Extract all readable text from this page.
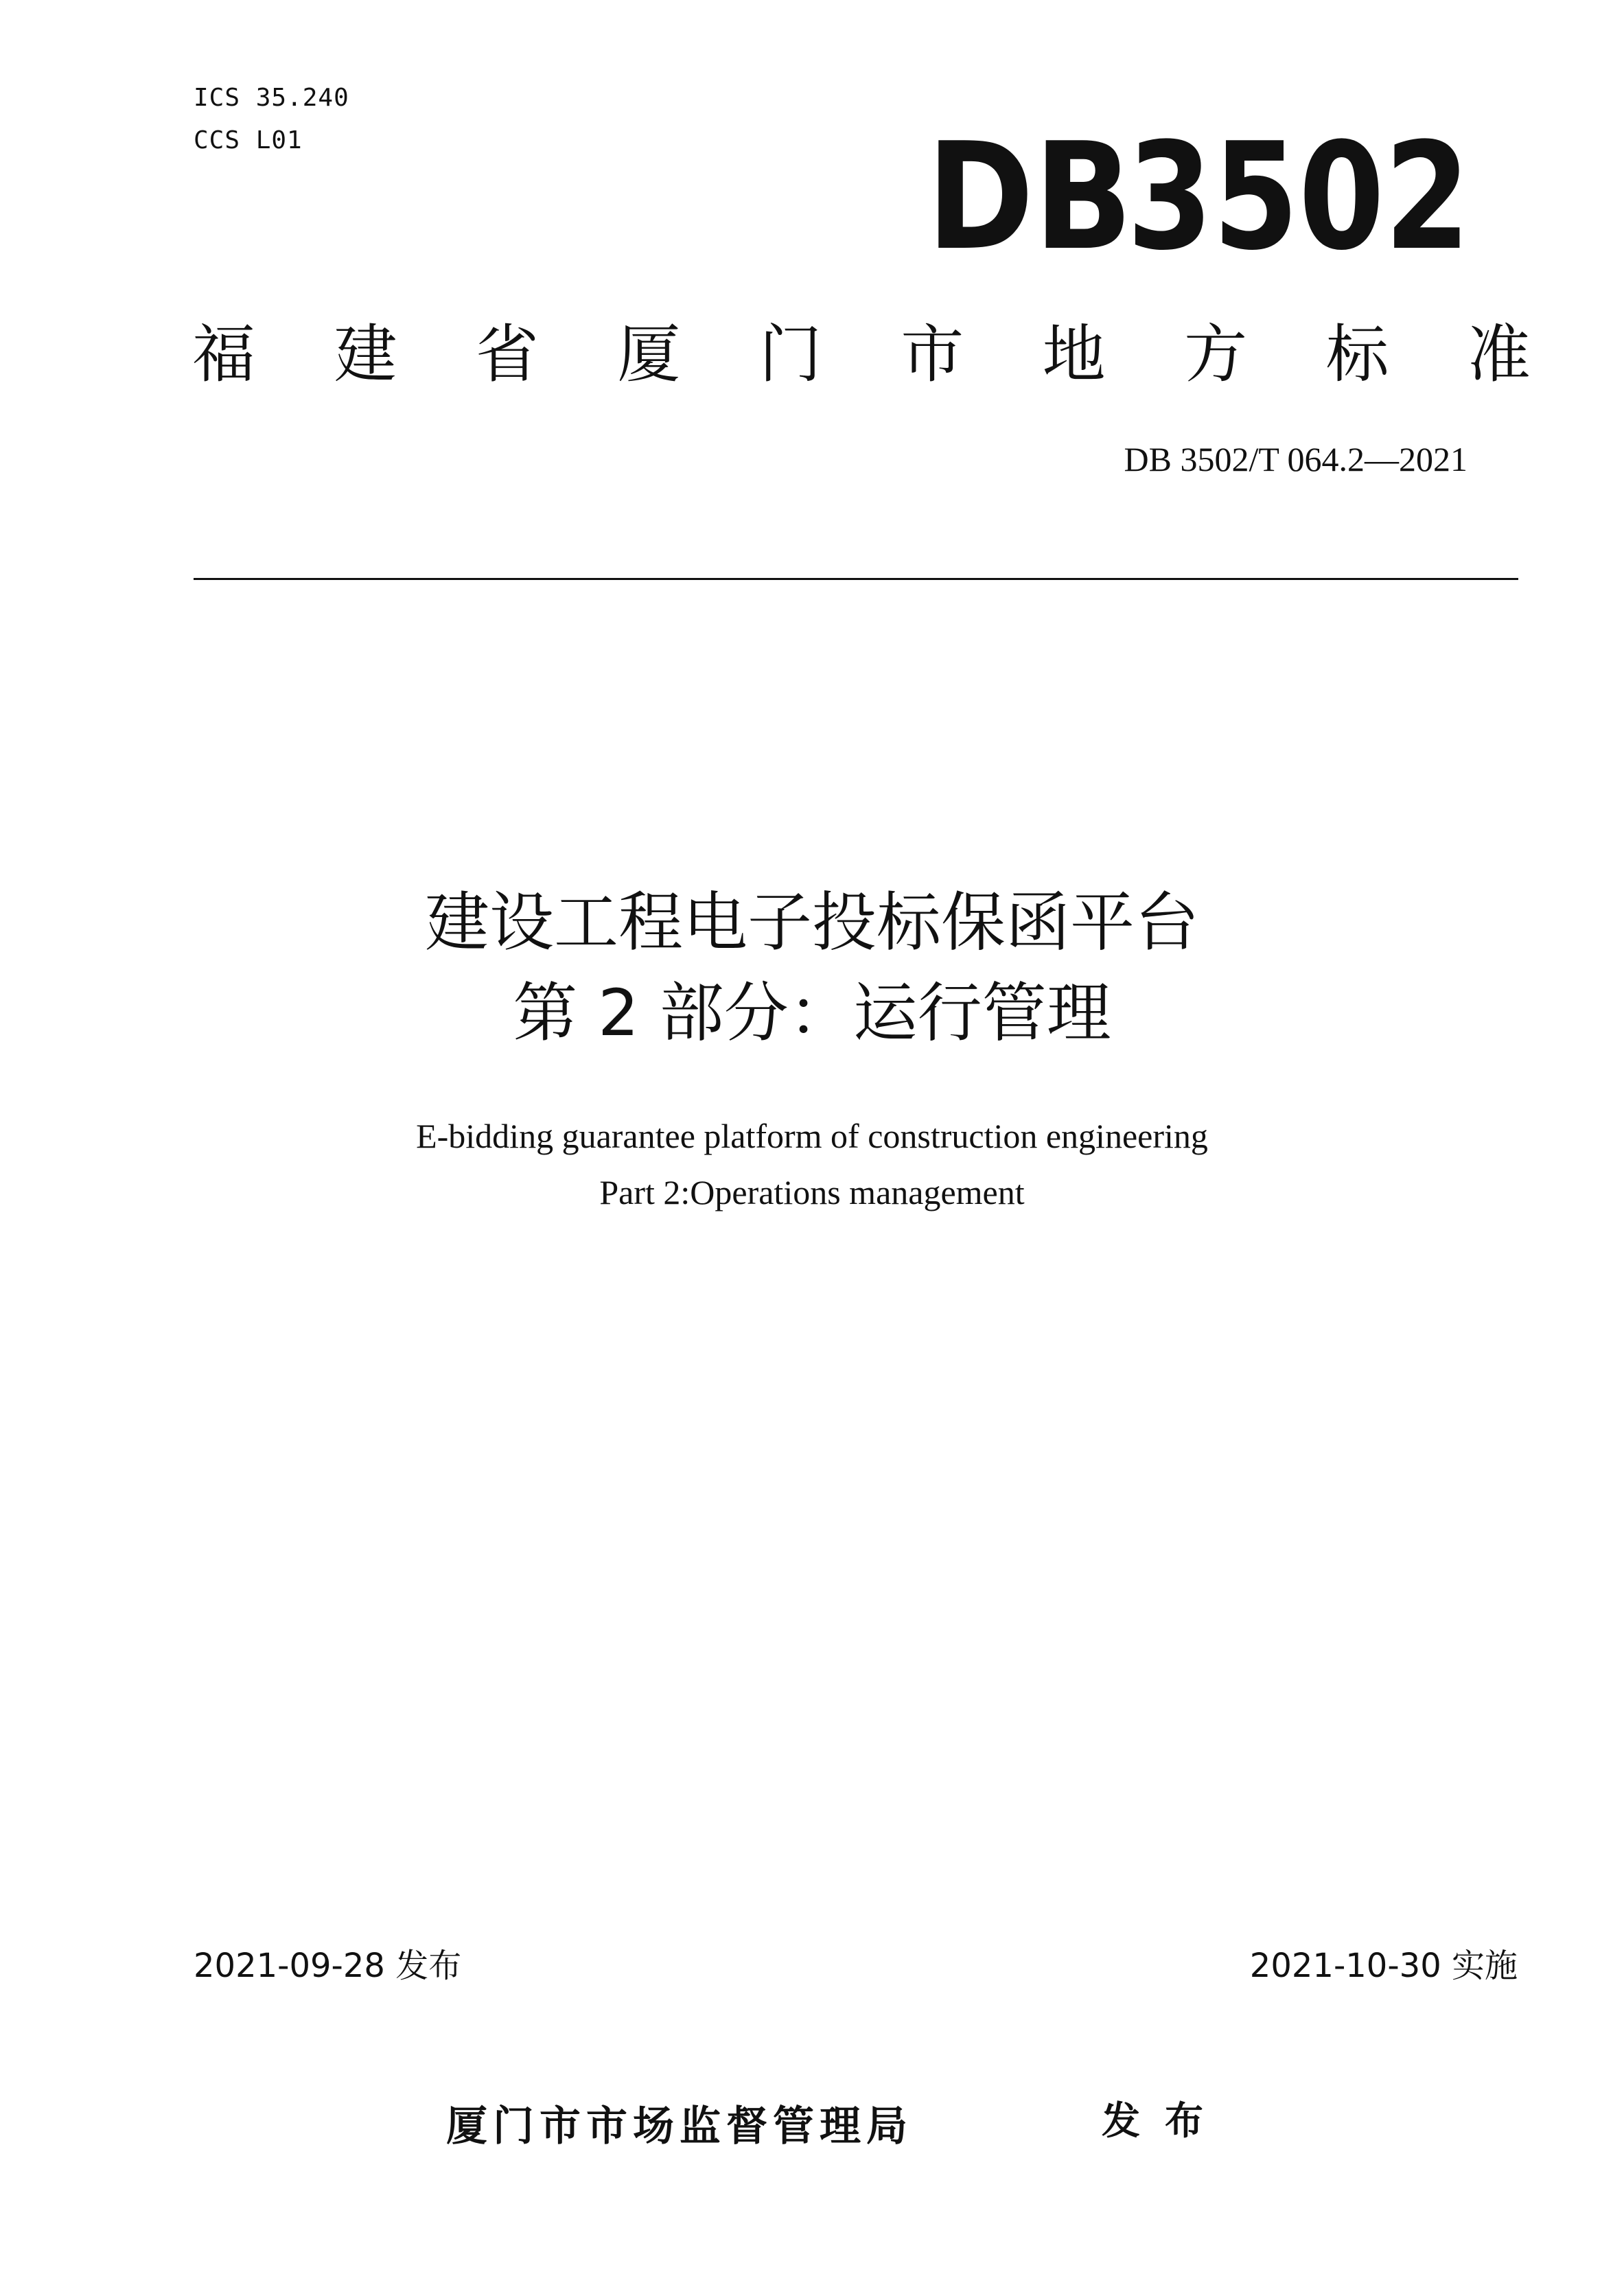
ICS 35.240

CCS L01	DB
3502
福 建 省 厦 门 市 地 方 标 准

DB 3502/T 064.2—2021

建设工程电子投标保函平台

第 2 部分：运行管理

E-bidding guarantee platform of construction engineering

Part 2:Operations management

2021-09-28 发布	2021-10-30 实施

厦门市市场监督管理局	发布
